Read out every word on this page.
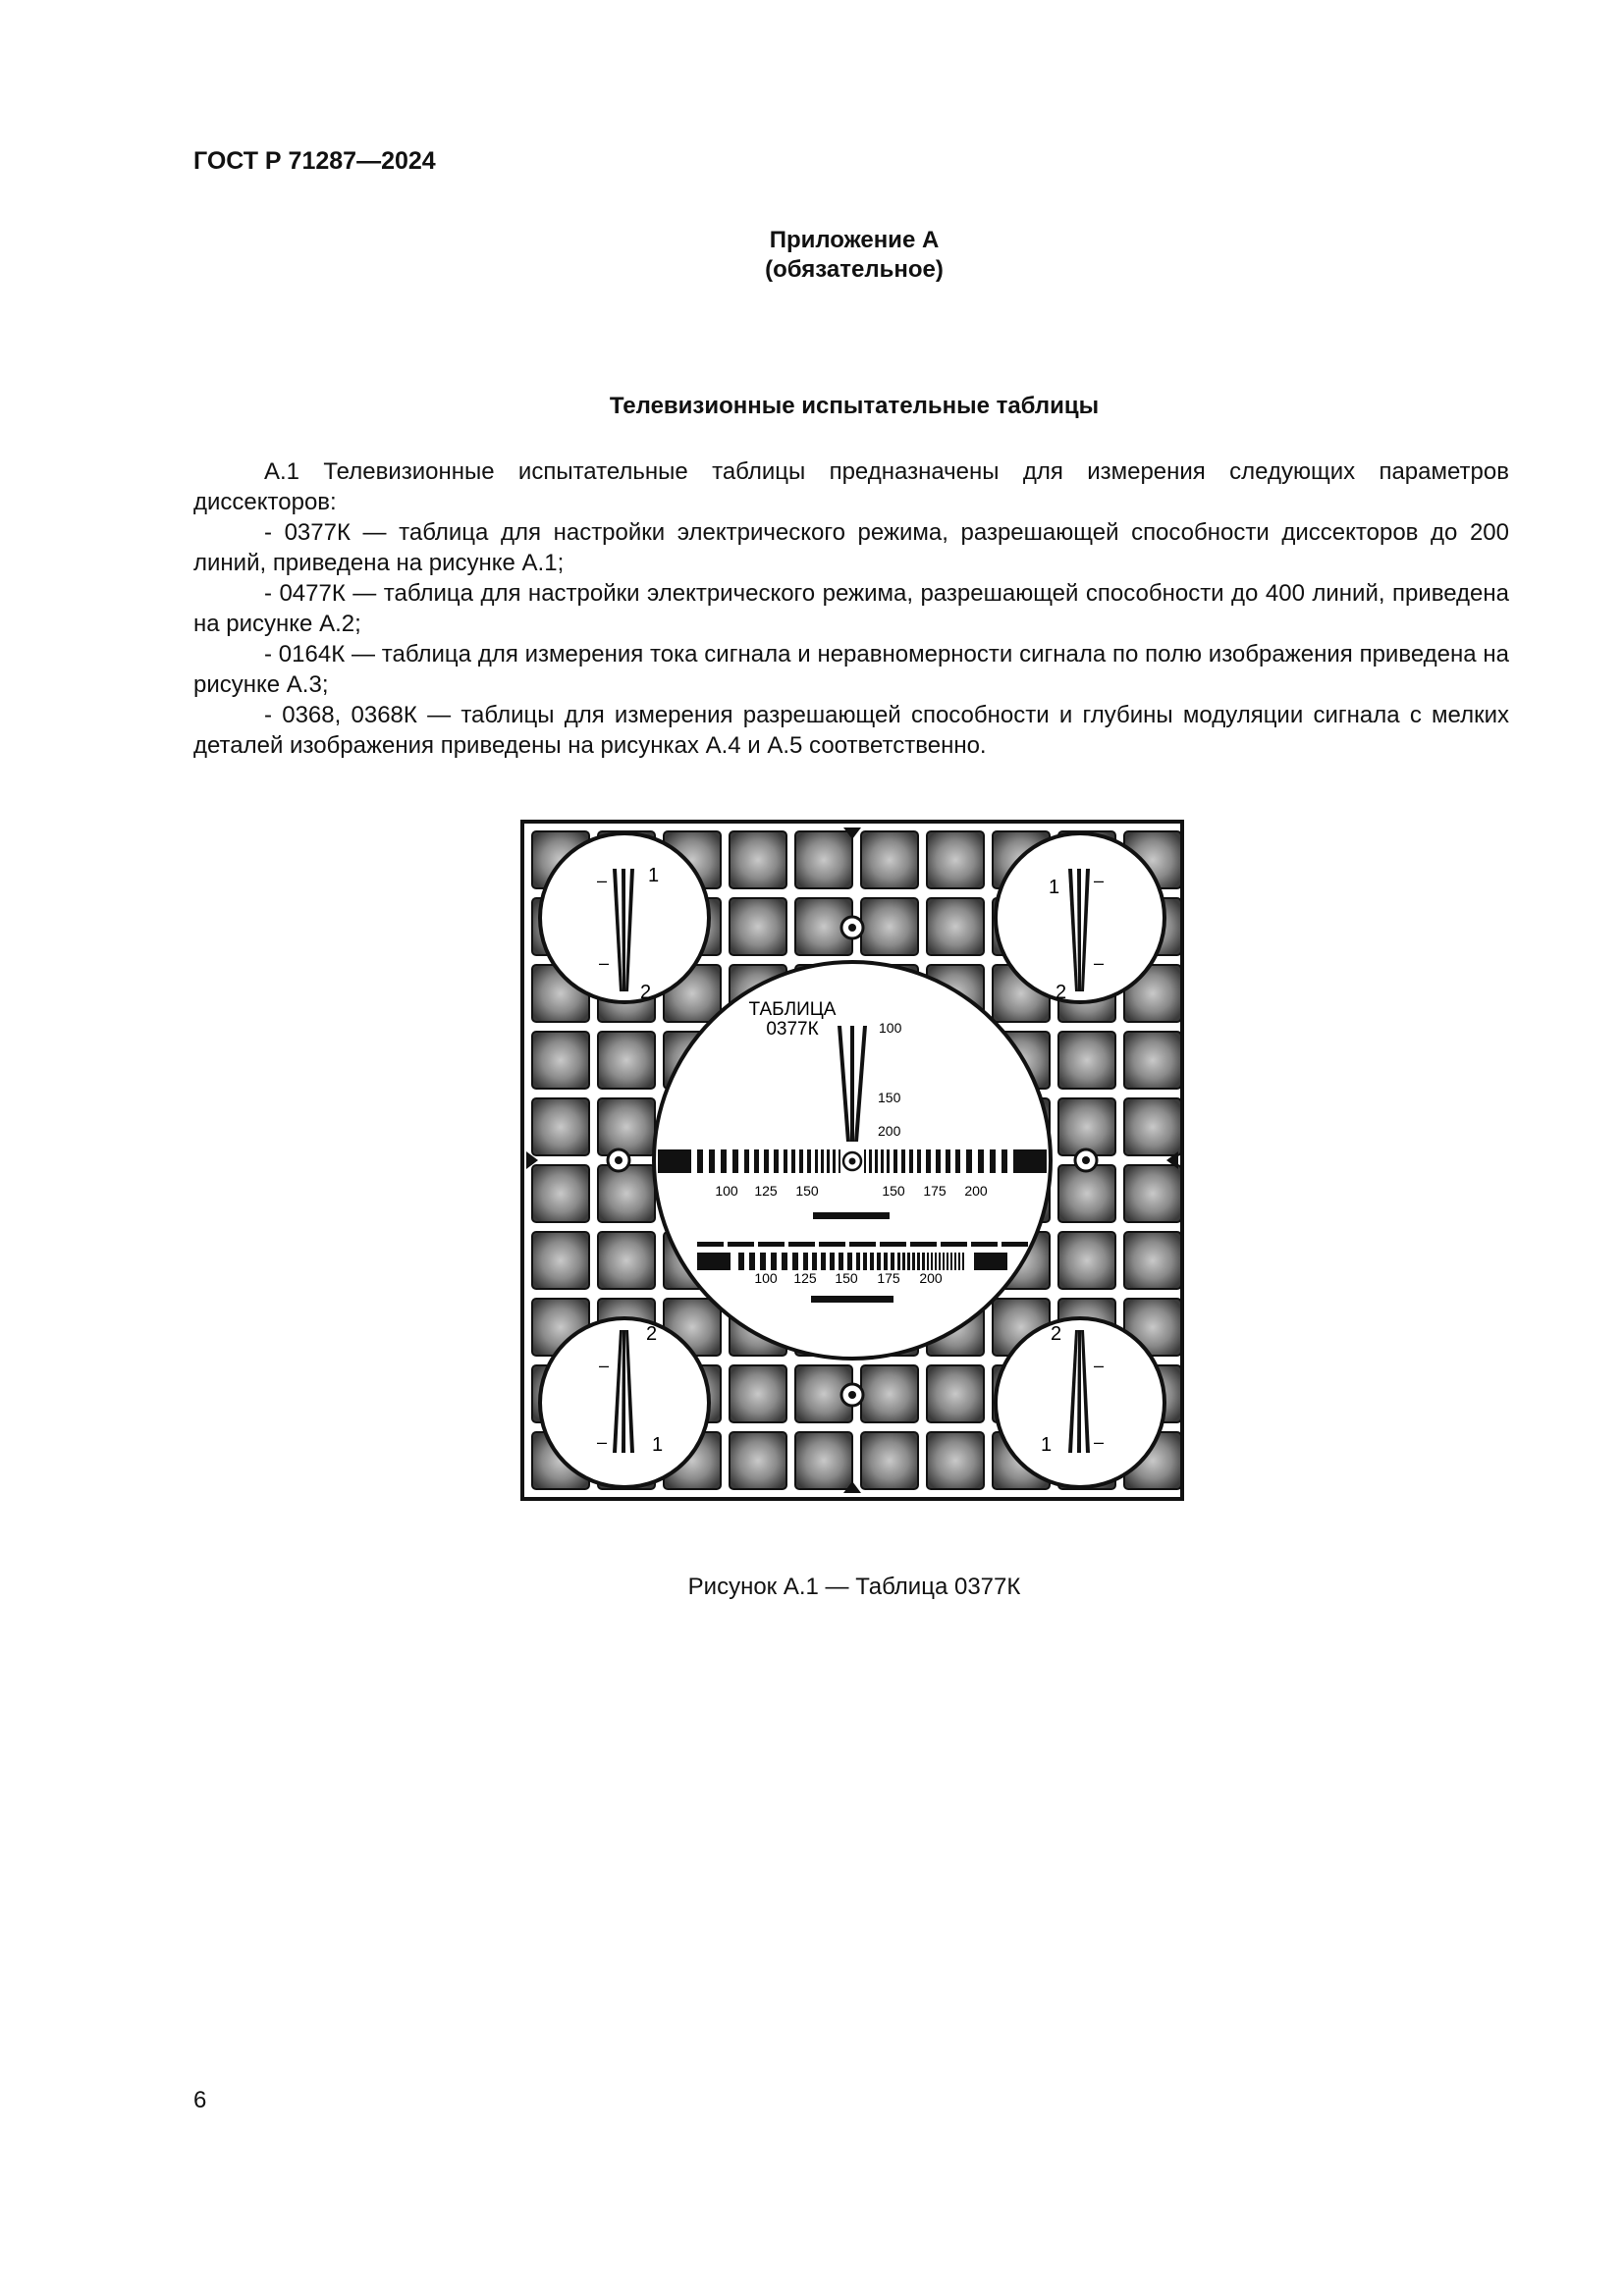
ГОСТ Р 71287—2024
Приложение А
(обязательное)
Телевизионные испытательные таблицы

А.1 Телевизионные испытательные таблицы предназначены для измерения следующих параметров диссекторов:

- 0377К — таблица для настройки электрического режима, разрешающей способности диссекторов до 200 линий, приведена на рисунке А.1;

- 0477К — таблица для настройки электрического режима, разрешающей способности до 400 линий, приведена на рисунке А.2;

- 0164К — таблица для измерения тока сигнала и неравномерности сигнала по полю изображения приведена на рисунке А.3;

- 0368, 0368К — таблицы для измерения разрешающей способности и глубины модуляции сигнала с мелких деталей изображения приведены на рисунках А.4 и А.5 соответственно.

ТАБЛИЦА
0377К	100
150
200
100 125 150	150 175 200
100 125 150 175 200
1
2
–
–
1
2
–
–
2
1
–
–
2
1
–
–
Рисунок А.1 — Таблица 0377К
6
